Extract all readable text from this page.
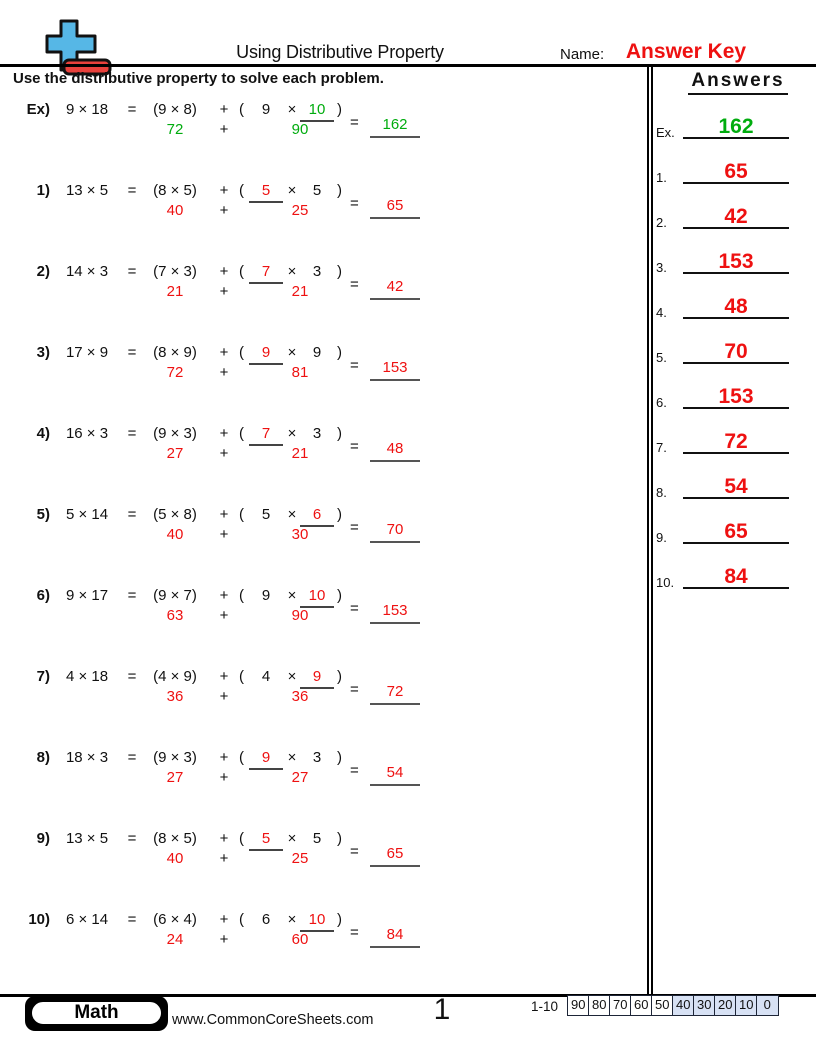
Using Distributive Property	Name:	Answer Key
Use the distributive property to solve each problem.
Ex)	9 × 18	=	(9 × 8)	+ (	9	× 10 )
=	162
72	+	90
1)	13 × 5	=	(8 × 5)	+ (	5	×	5	)
=	65
40	+	25
2)	14 × 3	=	(7 × 3)	+ (	7	×	3	)
=	42
21	+	21
3)	17 × 9	=	(8 × 9)	+ (	9	×	9	)
=	153
72	+	81
4)	16 × 3	=	(9 × 3)	+ (	7	×	3	)
=	48
27	+	21
5)	5 × 14	=	(5 × 8)	+ (	5	×	6	)
=	70
40	+	30
6)	9 × 17	=	(9 × 7)	+ (	9	× 10 )
=	153
63	+	90
7)	4 × 18	=	(4 × 9)	+ (	4	×	9	)
=	72
36	+	36
8)	18 × 3	=	(9 × 3)	+ (	9	×	3	)
=	54
27	+	27
9)	13 × 5	=	(8 × 5)	+ (	5	×	5	)
=	65
40	+	25
10)	6 × 14	=	(6 × 4)	+ (	6	× 10 )
=	84
24	+	60
Answers
Ex.	162
1.	65
2.	42
3.	153
4.	48
5.	70
6.	153
7.	72
8.	54
9.	65
10.	84
Math	www.CommonCoreSheets.com	1	1-10 90 80 70 60 50 40 30 20 10 0
